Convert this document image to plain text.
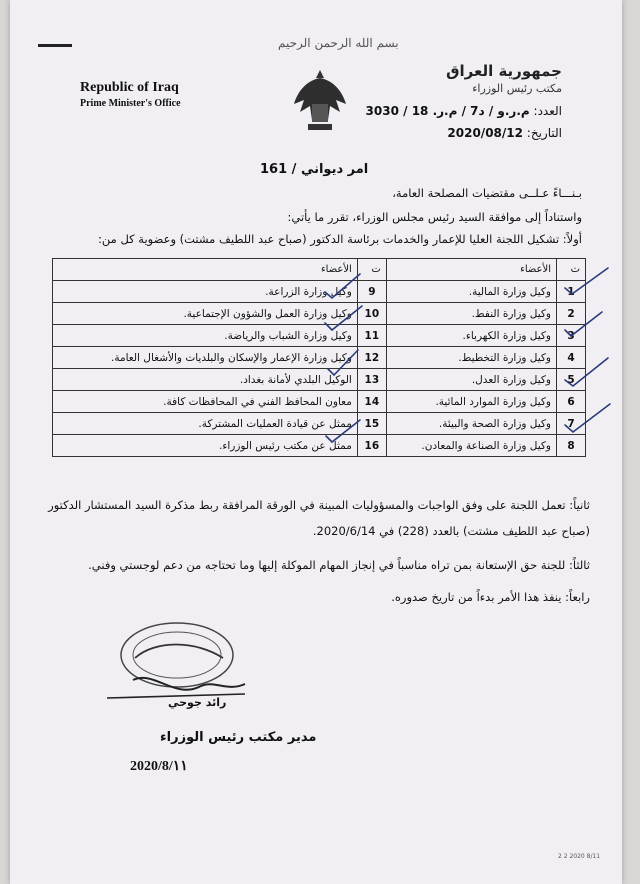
Republic of Iraq
Prime Minister's Office
بسم الله الرحمن الرحيم
جمهورية العراق
مكتب رئيس الوزراء
العدد: م.ر.و / د7 / م.ر. 18 / 3030
التاريخ: 2020/08/12
امر ديواني / 161
بـنـــاءً عـلــى مقتضيات المصلحة العامة،
واستناداً إلى موافقة السيد رئيس مجلس الوزراء، تقرر ما يأتي:
أولاً: تشكيل اللجنة العليا للإعمار والخدمات برئاسة الدكتور (صباح عبد اللطيف مشتت) وعضوية كل من:
ت	الأعضاء	ت	الأعضاء
1	وكيل وزارة المالية.	9	وكيل وزارة الزراعة.
2	وكيل وزارة النفط.	10	وكيل وزارة العمل والشؤون الإجتماعية.
3	وكيل وزارة الكهرباء.	11	وكيل وزارة الشباب والرياضة.
4	وكيل وزارة التخطيط.	12	وكيل وزارة الإعمار والإسكان والبلديات والأشغال العامة.
5	وكيل وزارة العدل.	13	الوكيل البلدي لأمانة بغداد.
6	وكيل وزارة الموارد المائية.	14	معاون المحافظ الفني في المحافظات كافة.
7	وكيل وزارة الصحة والبيئة.	15	ممثل عن قيادة العمليات المشتركة.
8	وكيل وزارة الصناعة والمعادن.	16	ممثل عن مكتب رئيس الوزراء.
ثانياً: تعمل اللجنة على وفق الواجبات والمسؤوليات المبينة في الورقة المرافقة ربط مذكرة السيد المستشار الدكتور
(صباح عبد اللطيف مشتت) بالعدد (228) في 2020/6/14.
ثالثاً: للجنة حق الإستعانة بمن تراه مناسباً في إنجاز المهام الموكلة إليها وما تحتاجه من دعم لوجستي وفني.
رابعاً: ينفذ هذا الأمر بدءاً من تاريخ صدوره.
رائد جوحي
مدير مكتب رئيس الوزراء
2020/8/١١
2 2 2020 8/11
